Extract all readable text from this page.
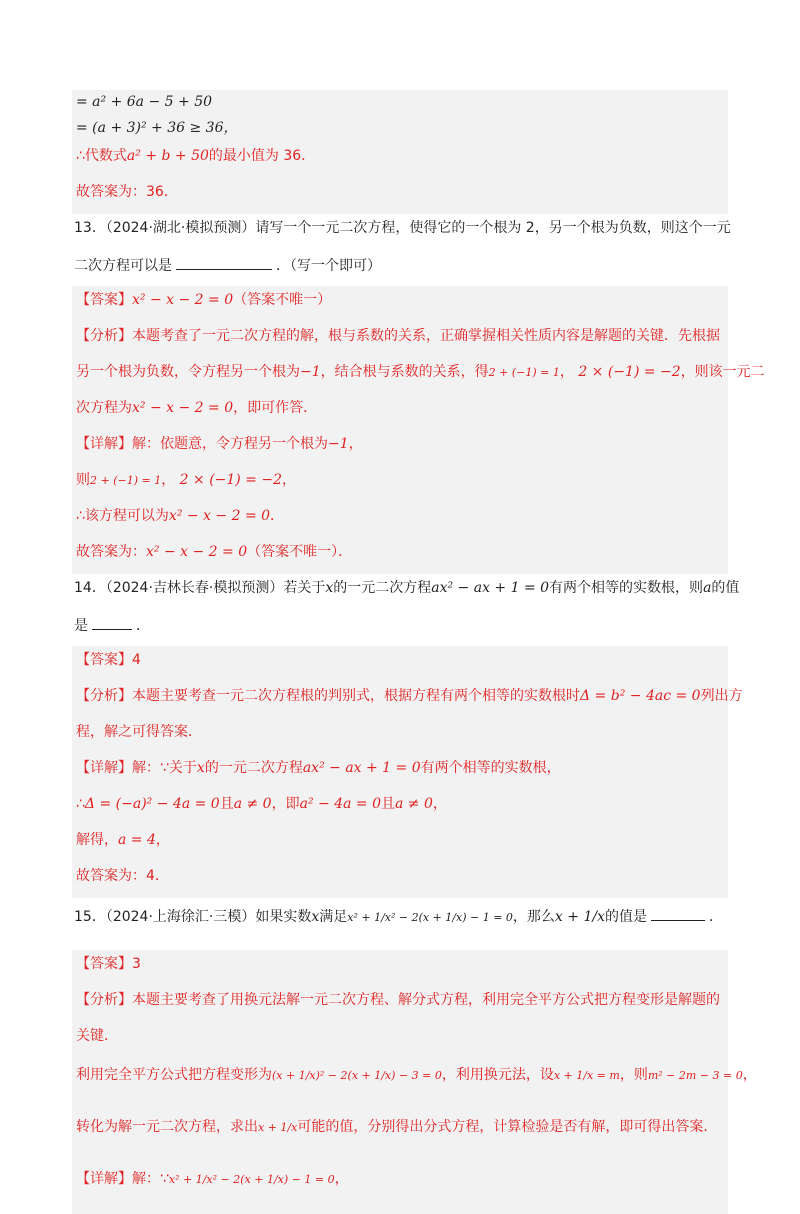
= a² + 6a − 5 + 50
= (a + 3)² + 36 ≥ 36，
∴代数式a² + b + 50的最小值为 36．
故答案为：36．
13．（2024·湖北·模拟预测）请写一个一元二次方程，使得它的一个根为 2，另一个根为负数，则这个一元
二次方程可以是	．（写一个即可）
【答案】x² − x − 2 = 0（答案不唯一）
【分析】本题考查了一元二次方程的解，根与系数的关系，正确掌握相关性质内容是解题的关键．先根据
另一个根为负数，令方程另一个根为−1，结合根与系数的关系，得2 + (−1) = 1， 2 × (−1) = −2，则该一元二
次方程为x² − x − 2 = 0，即可作答．
【详解】解：依题意，令方程另一个根为−1，
则2 + (−1) = 1， 2 × (−1) = −2，
∴该方程可以为x² − x − 2 = 0．
故答案为：x² − x − 2 = 0（答案不唯一）．
14．（2024·吉林长春·模拟预测）若关于x的一元二次方程ax² − ax + 1 = 0有两个相等的实数根，则a的值
是	．
【答案】4
【分析】本题主要考查一元二次方程根的判别式，根据方程有两个相等的实数根时Δ = b² − 4ac = 0列出方
程，解之可得答案．
【详解】解：∵关于x的一元二次方程ax² − ax + 1 = 0有两个相等的实数根，
∴Δ = (−a)² − 4a = 0且a ≠ 0，即a² − 4a = 0且a ≠ 0，
解得，a = 4，
故答案为：4．
15．（2024·上海徐汇·三模）如果实数x满足x² + 1/x² − 2(x + 1/x) − 1 = 0，那么x + 1/x的值是	．
【答案】3
【分析】本题主要考查了用换元法解一元二次方程、解分式方程，利用完全平方公式把方程变形是解题的
关键．
利用完全平方公式把方程变形为(x + 1/x)² − 2(x + 1/x) − 3 = 0，利用换元法，设x + 1/x = m，则m² − 2m − 3 = 0，
转化为解一元二次方程，求出x + 1/x可能的值，分别得出分式方程，计算检验是否有解，即可得出答案．
【详解】解：∵x² + 1/x² − 2(x + 1/x) − 1 = 0，
